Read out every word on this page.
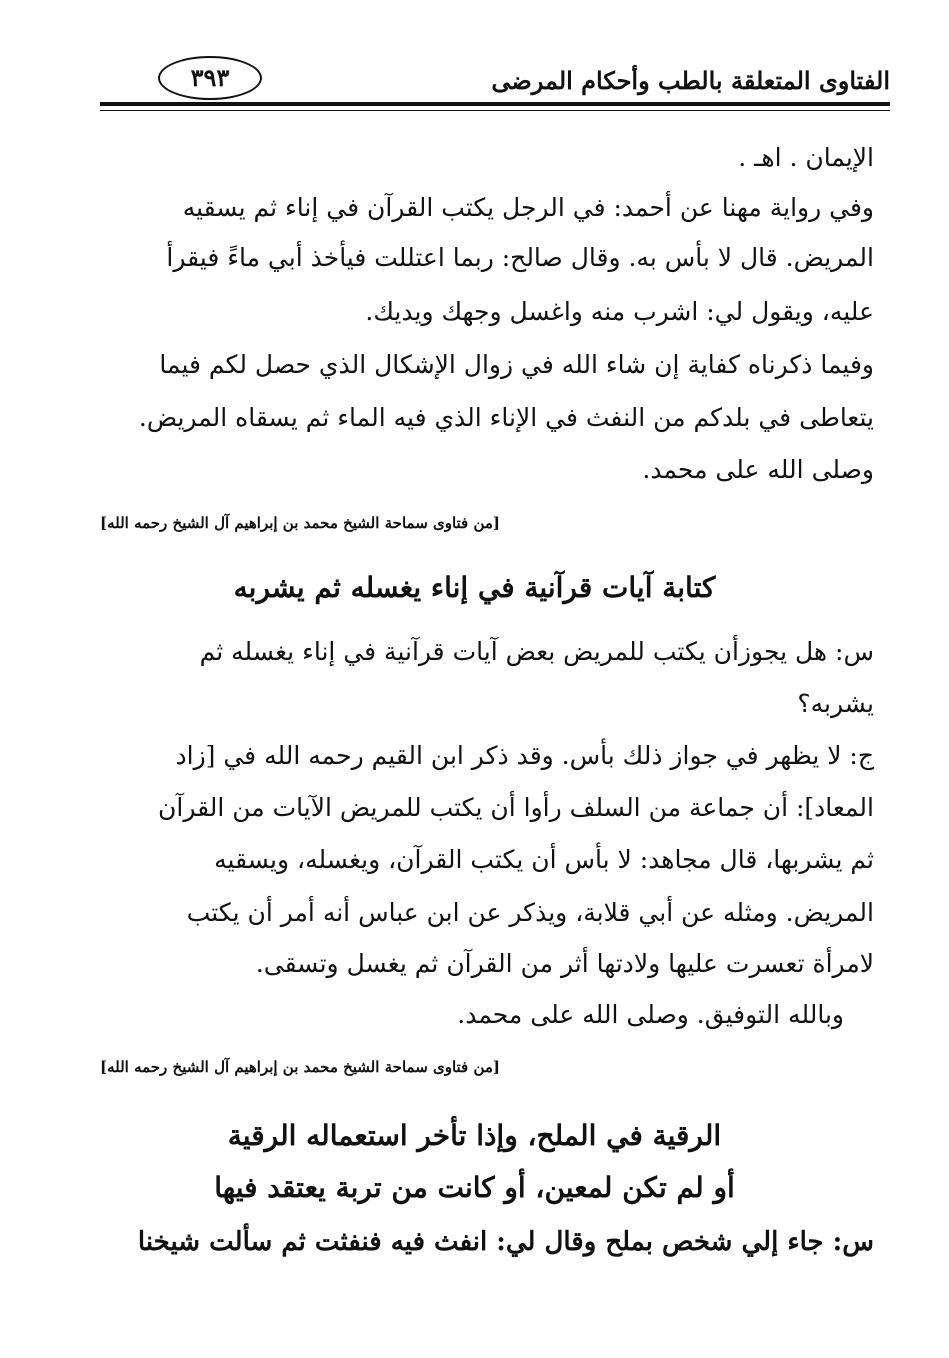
الفتاوى المتعلقة بالطب وأحكام المرضى
٣٩٣
الإيمان . اهـ .
وفي رواية مهنا عن أحمد: في الرجل يكتب القرآن في إناء ثم يسقيه
المريض. قال لا بأس به. وقال صالح: ربما اعتللت فيأخذ أبي ماءً فيقرأ
عليه، ويقول لي: اشرب منه واغسل وجهك ويديك.
وفيما ذكرناه كفاية إن شاء الله في زوال الإشكال الذي حصل لكم فيما
يتعاطى في بلدكم من النفث في الإناء الذي فيه الماء ثم يسقاه المريض.
وصلى الله على محمد.
[من فتاوى سماحة الشيخ محمد بن إبراهيم آل الشيخ رحمه الله]
كتابة آيات قرآنية في إناء يغسله ثم يشربه
س: هل يجوزأن يكتب للمريض بعض آيات قرآنية في إناء يغسله ثم
يشربه؟
ج: لا يظهر في جواز ذلك بأس. وقد ذكر ابن القيم رحمه الله في [زاد
المعاد]: أن جماعة من السلف رأوا أن يكتب للمريض الآيات من القرآن
ثم يشربها، قال مجاهد: لا بأس أن يكتب القرآن، ويغسله، ويسقيه
المريض. ومثله عن أبي قلابة، ويذكر عن ابن عباس أنه أمر أن يكتب
لامرأة تعسرت عليها ولادتها أثر من القرآن ثم يغسل وتسقى.
وبالله التوفيق. وصلى الله على محمد.
[من فتاوى سماحة الشيخ محمد بن إبراهيم آل الشيخ رحمه الله]
الرقية في الملح، وإذا تأخر استعماله الرقية
أو لم تكن لمعين، أو كانت من تربة يعتقد فيها
س: جاء إلي شخص بملح وقال لي: انفث فيه فنفثت ثم سألت شيخنا
